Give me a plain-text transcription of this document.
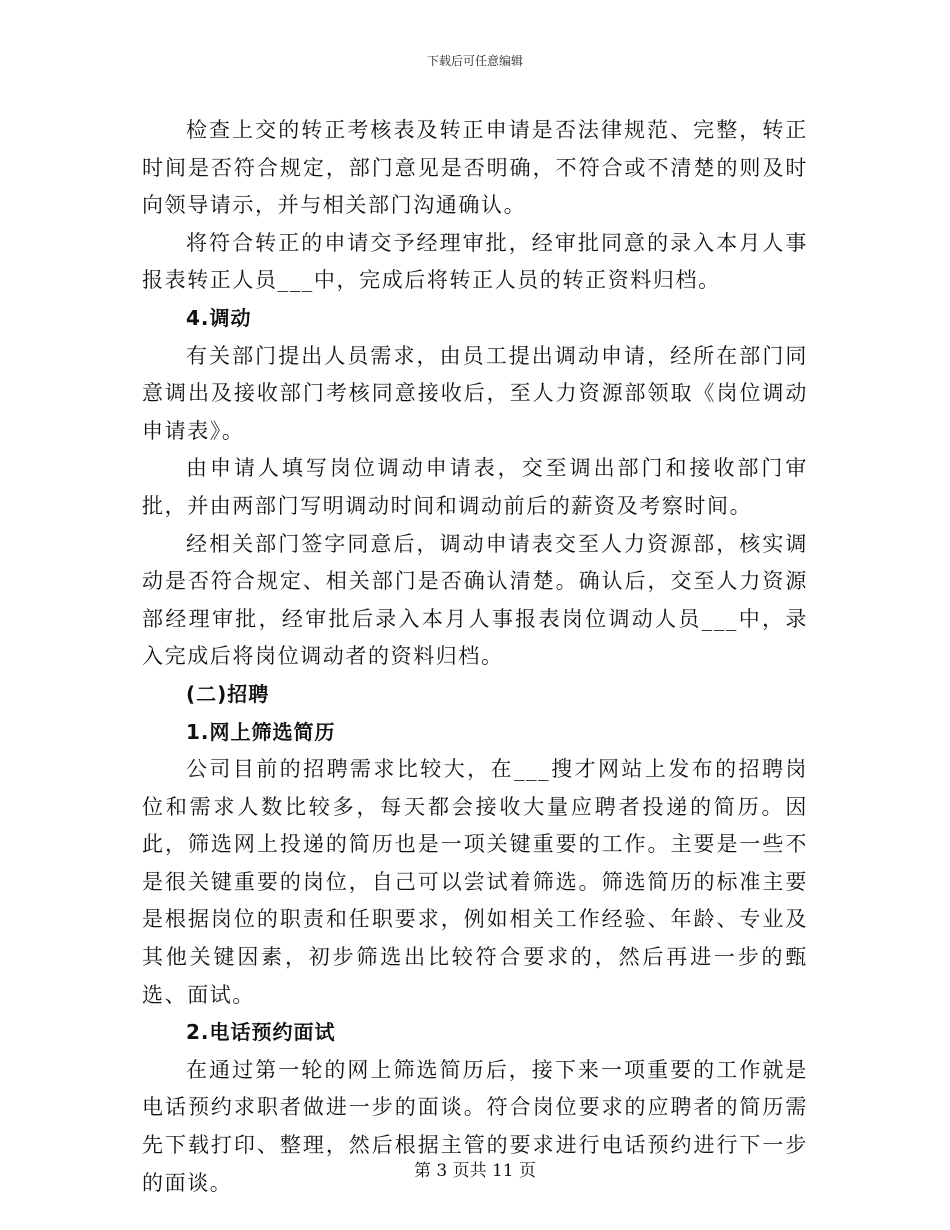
下载后可任意编辑

检查上交的转正考核表及转正申请是否法律规范、完整，转正时间是否符合规定，部门意见是否明确，不符合或不清楚的则及时向领导请示，并与相关部门沟通确认。

将符合转正的申请交予经理审批，经审批同意的录入本月人事报表转正人员___中，完成后将转正人员的转正资料归档。

4.调动

有关部门提出人员需求，由员工提出调动申请，经所在部门同意调出及接收部门考核同意接收后，至人力资源部领取《岗位调动申请表》。

由申请人填写岗位调动申请表，交至调出部门和接收部门审批，并由两部门写明调动时间和调动前后的薪资及考察时间。

经相关部门签字同意后，调动申请表交至人力资源部，核实调动是否符合规定、相关部门是否确认清楚。确认后，交至人力资源部经理审批，经审批后录入本月人事报表岗位调动人员___中，录入完成后将岗位调动者的资料归档。

(二)招聘

1.网上筛选简历

公司目前的招聘需求比较大，在___搜才网站上发布的招聘岗位和需求人数比较多，每天都会接收大量应聘者投递的简历。因此，筛选网上投递的简历也是一项关键重要的工作。主要是一些不是很关键重要的岗位，自己可以尝试着筛选。筛选简历的标准主要是根据岗位的职责和任职要求，例如相关工作经验、年龄、专业及其他关键因素，初步筛选出比较符合要求的，然后再进一步的甄选、面试。

2.电话预约面试

在通过第一轮的网上筛选简历后，接下来一项重要的工作就是电话预约求职者做进一步的面谈。符合岗位要求的应聘者的简历需先下载打印、整理，然后根据主管的要求进行电话预约进行下一步的面谈。	第 3 页共 11 页
